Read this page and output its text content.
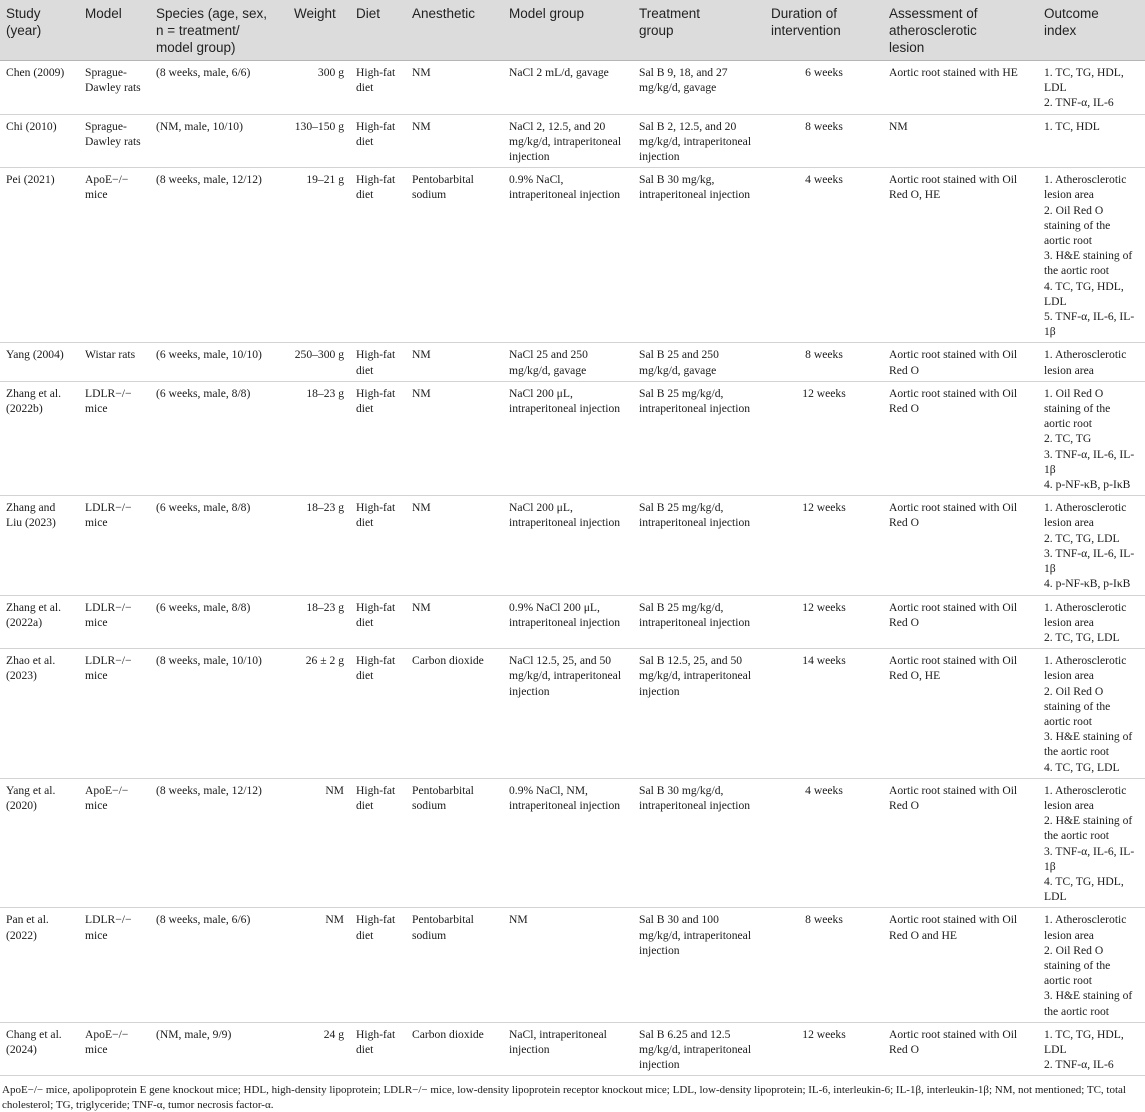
Study
(year)	Model	Species (age, sex,
n = treatment/
model group)	Weight	Diet	Anesthetic	Model group	Treatment
group	Duration of
intervention	Assessment of
atherosclerotic
lesion	Outcome
index

Chen (2009)	Sprague-Dawley rats	(8 weeks, male, 6/6)	300 g	High-fat diet	NM	NaCl 2 mL/d, gavage	Sal B 9, 18, and 27 mg/kg/d, gavage	6 weeks	Aortic root stained with HE	1. TC, TG, HDL, LDL
2. TNF-α, IL-6

Chi (2010)	Sprague-Dawley rats	(NM, male, 10/10)	130–150 g	High-fat diet	NM	NaCl 2, 12.5, and 20 mg/kg/d, intraperitoneal injection	Sal B 2, 12.5, and 20 mg/kg/d, intraperitoneal injection	8 weeks	NM	1. TC, HDL

Pei (2021)	ApoE−/− mice	(8 weeks, male, 12/12)	19–21 g	High-fat diet	Pentobarbital sodium	0.9% NaCl, intraperitoneal injection	Sal B 30 mg/kg, intraperitoneal injection	4 weeks	Aortic root stained with Oil Red O, HE	1. Atherosclerotic lesion area
2. Oil Red O staining of the aortic root
3. H&E staining of the aortic root
4. TC, TG, HDL, LDL
5. TNF-α, IL-6, IL-1β

Yang (2004)	Wistar rats	(6 weeks, male, 10/10)	250–300 g	High-fat diet	NM	NaCl 25 and 250 mg/kg/d, gavage	Sal B 25 and 250 mg/kg/d, gavage	8 weeks	Aortic root stained with Oil Red O	1. Atherosclerotic lesion area

Zhang et al. (2022b)	LDLR−/− mice	(6 weeks, male, 8/8)	18–23 g	High-fat diet	NM	NaCl 200 μL, intraperitoneal injection	Sal B 25 mg/kg/d, intraperitoneal injection	12 weeks	Aortic root stained with Oil Red O	1. Oil Red O staining of the aortic root
2. TC, TG
3. TNF-α, IL-6, IL-1β
4. p-NF-κB, p-IκB

Zhang and Liu (2023)	LDLR−/− mice	(6 weeks, male, 8/8)	18–23 g	High-fat diet	NM	NaCl 200 μL, intraperitoneal injection	Sal B 25 mg/kg/d, intraperitoneal injection	12 weeks	Aortic root stained with Oil Red O	1. Atherosclerotic lesion area
2. TC, TG, LDL
3. TNF-α, IL-6, IL-1β
4. p-NF-κB, p-IκB

Zhang et al. (2022a)	LDLR−/− mice	(6 weeks, male, 8/8)	18–23 g	High-fat diet	NM	0.9% NaCl 200 μL, intraperitoneal injection	Sal B 25 mg/kg/d, intraperitoneal injection	12 weeks	Aortic root stained with Oil Red O	1. Atherosclerotic lesion area
2. TC, TG, LDL

Zhao et al. (2023)	LDLR−/− mice	(8 weeks, male, 10/10)	26 ± 2 g	High-fat diet	Carbon dioxide	NaCl 12.5, 25, and 50 mg/kg/d, intraperitoneal injection	Sal B 12.5, 25, and 50 mg/kg/d, intraperitoneal injection	14 weeks	Aortic root stained with Oil Red O, HE	1. Atherosclerotic lesion area
2. Oil Red O staining of the aortic root
3. H&E staining of the aortic root
4. TC, TG, LDL

Yang et al. (2020)	ApoE−/− mice	(8 weeks, male, 12/12)	NM	High-fat diet	Pentobarbital sodium	0.9% NaCl, NM, intraperitoneal injection	Sal B 30 mg/kg/d, intraperitoneal injection	4 weeks	Aortic root stained with Oil Red O	1. Atherosclerotic lesion area
2. H&E staining of the aortic root
3. TNF-α, IL-6, IL-1β
4. TC, TG, HDL, LDL

Pan et al. (2022)	LDLR−/− mice	(8 weeks, male, 6/6)	NM	High-fat diet	Pentobarbital sodium	NM	Sal B 30 and 100 mg/kg/d, intraperitoneal injection	8 weeks	Aortic root stained with Oil Red O and HE	1. Atherosclerotic lesion area
2. Oil Red O staining of the aortic root
3. H&E staining of the aortic root

Chang et al. (2024)	ApoE−/− mice	(NM, male, 9/9)	24 g	High-fat diet	Carbon dioxide	NaCl, intraperitoneal injection	Sal B 6.25 and 12.5 mg/kg/d, intraperitoneal injection	12 weeks	Aortic root stained with Oil Red O	1. TC, TG, HDL, LDL
2. TNF-α, IL-6
ApoE−/− mice, apolipoprotein E gene knockout mice; HDL, high-density lipoprotein; LDLR−/− mice, low-density lipoprotein receptor knockout mice; LDL, low-density lipoprotein; IL-6, interleukin-6; IL-1β, interleukin-1β; NM, not mentioned; TC, total cholesterol; TG, triglyceride; TNF-α, tumor necrosis factor-α.
